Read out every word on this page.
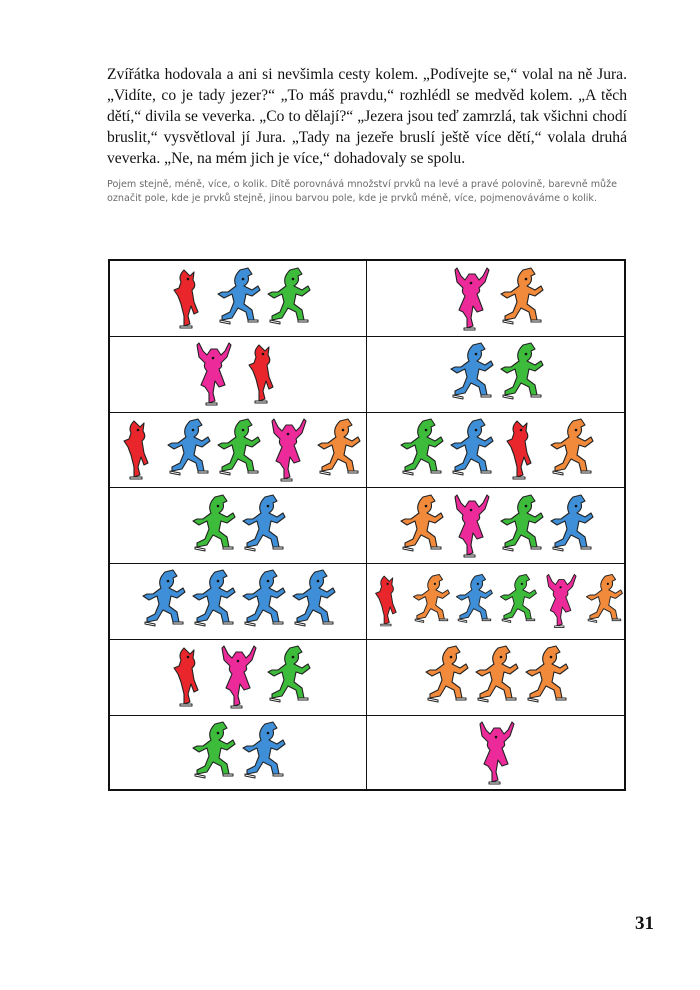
Zvířátka hodovala a ani si nevšimla cesty kolem. „Podívejte se,“ volal na ně Jura. „Vidíte, co je tady jezer?“ „To máš pravdu,“ rozhlédl se medvěd kolem. „A těch dětí,“ divila se veverka. „Co to dělají?“ „Jezera jsou teď zamrzlá, tak všichni chodí bruslit,“ vysvětloval jí Jura. „Tady na jezeře bruslí ještě více dětí,“ volala druhá veverka. „Ne, na mém jich je více,“ dohadovaly se spolu.

Pojem stejně, méně, více, o kolik. Dítě porovnává množství prvků na levé a pravé polovině, barevně může označit pole, kde je prvků stejně, jinou barvou pole, kde je prvků méně, více, pojmenováváme o kolik.

31
